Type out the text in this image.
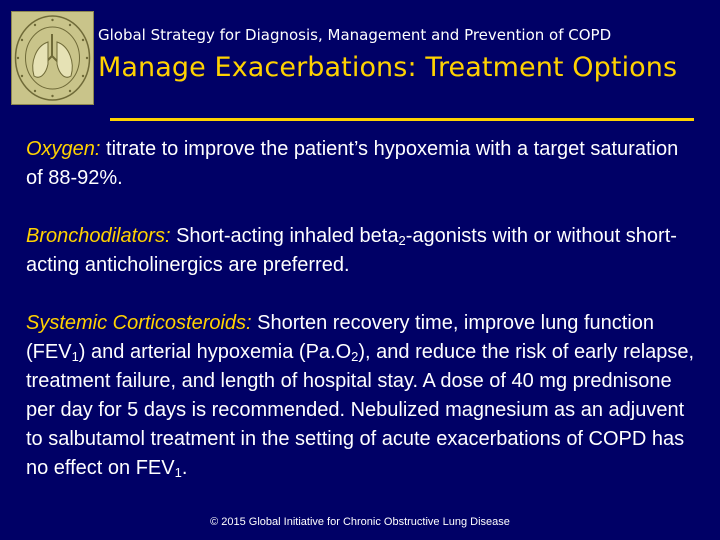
Global Strategy for Diagnosis, Management and Prevention of COPD
Manage Exacerbations: Treatment Options

Oxygen: titrate to improve the patient’s hypoxemia with a target saturation of 88-92%.

Bronchodilators: Short-acting inhaled beta$_2$-agonists with or without short-acting anticholinergics are preferred.

Systemic Corticosteroids: Shorten recovery time, improve lung function $(FEV_1)$ and arterial hypoxemia $(Pa.O_2)$, and reduce the risk of early relapse, treatment failure, and length of hospital stay. A dose of 40 mg prednisone per day for 5 days is recommended. Nebulized magnesium as an adjuvent to salbutamol treatment in the setting of acute exacerbations of COPD has no effect on $FEV_1$.

© 2015 Global Initiative for Chronic Obstructive Lung Disease
